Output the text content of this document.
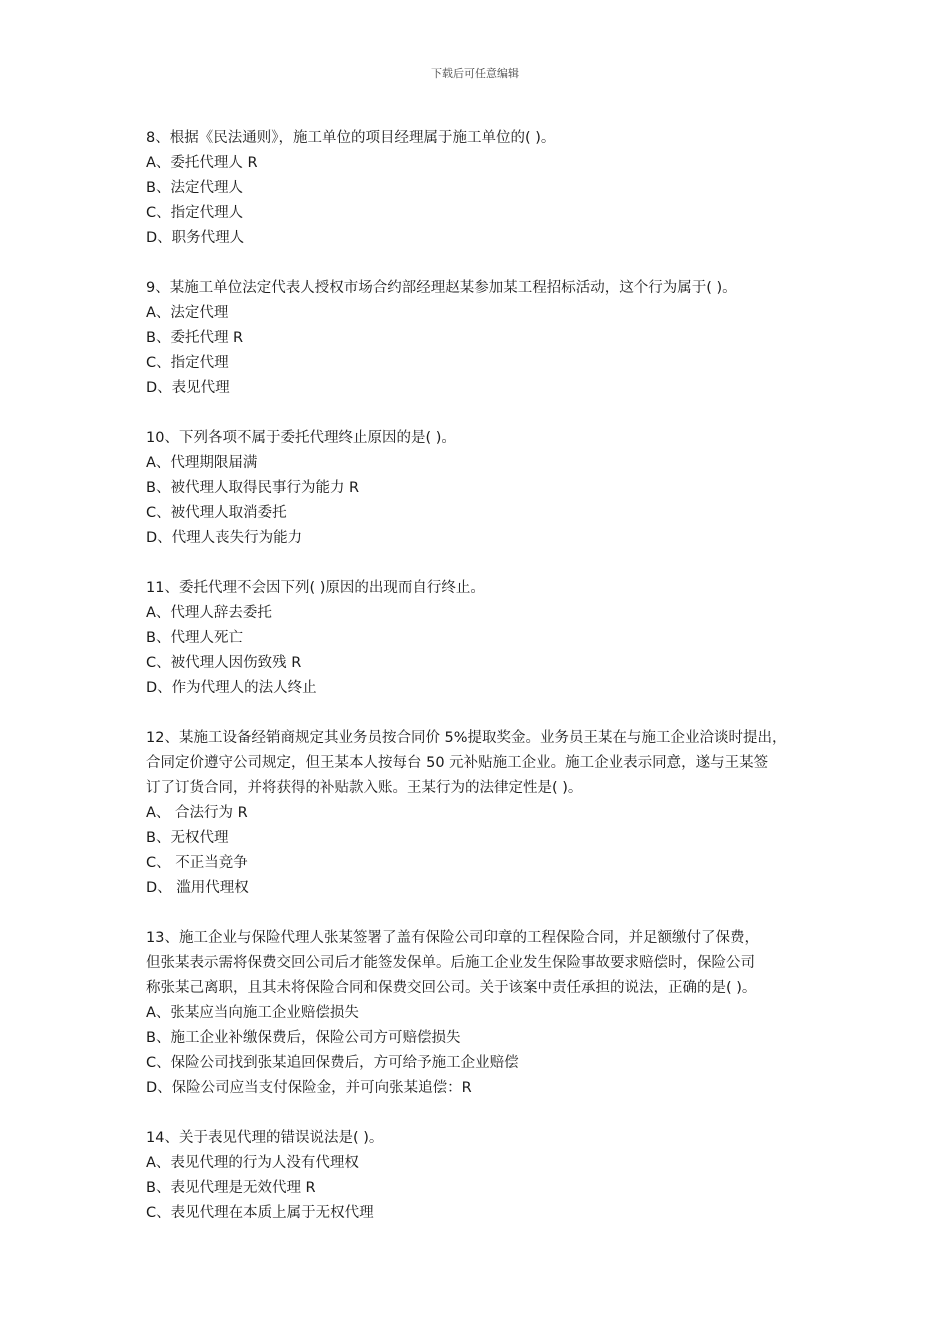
下载后可任意编辑
8、根据《民法通则》，施工单位的项目经理属于施工单位的( )。
A、委托代理人 R
B、法定代理人
C、指定代理人
D、职务代理人
9、某施工单位法定代表人授权市场合约部经理赵某参加某工程招标活动，这个行为属于( )。
A、法定代理
B、委托代理 R
C、指定代理
D、表见代理
10、下列各项不属于委托代理终止原因的是( )。
A、代理期限届满
B、被代理人取得民事行为能力 R
C、被代理人取消委托
D、代理人丧失行为能力
11、委托代理不会因下列( )原因的出现而自行终止。
A、代理人辞去委托
B、代理人死亡
C、被代理人因伤致残 R
D、作为代理人的法人终止
12、某施工设备经销商规定其业务员按合同价 5%提取奖金。业务员王某在与施工企业洽谈时提出，
合同定价遵守公司规定，但王某本人按每台 50 元补贴施工企业。施工企业表示同意，遂与王某签
订了订货合同，并将获得的补贴款入账。王某行为的法律定性是( )。
A、 合法行为 R
B、无权代理
C、 不正当竞争
D、 滥用代理权
13、施工企业与保险代理人张某签署了盖有保险公司印章的工程保险合同，并足额缴付了保费，
但张某表示需将保费交回公司后才能签发保单。后施工企业发生保险事故要求赔偿时，保险公司
称张某己离职，且其未将保险合同和保费交回公司。关于该案中责任承担的说法，正确的是( )。
A、张某应当向施工企业赔偿损失
B、施工企业补缴保费后，保险公司方可赔偿损失
C、保险公司找到张某追回保费后，方可给予施工企业赔偿
D、保险公司应当支付保险金，并可向张某追偿：R
14、关于表见代理的错误说法是( )。
A、表见代理的行为人没有代理权
B、表见代理是无效代理 R
C、表见代理在本质上属于无权代理
